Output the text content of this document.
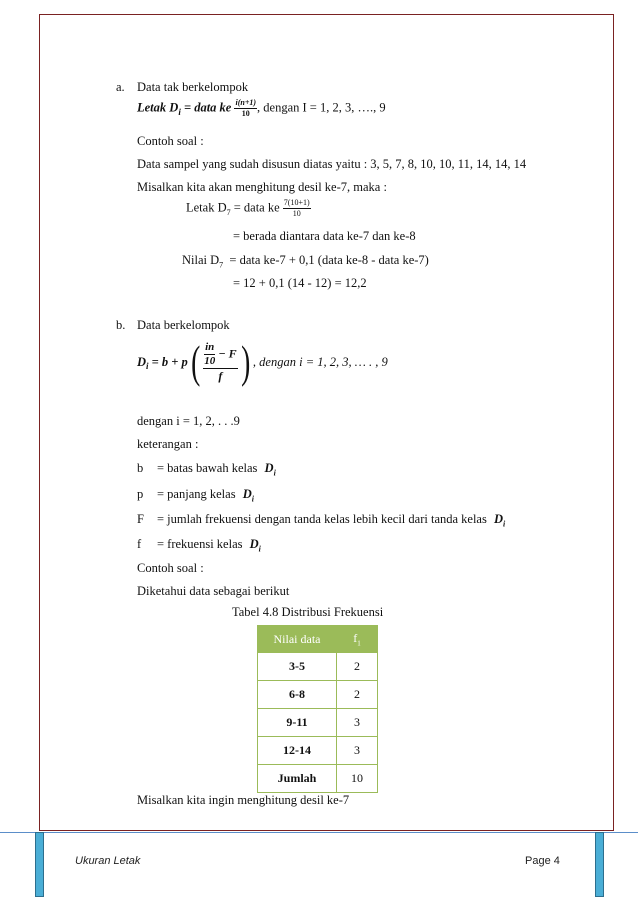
a. Data tak berkelompok
Letak $D_i$ = data ke $\frac{i(n+1)}{10}$ , dengan I = 1, 2, 3, …., 9
Contoh soal :
Data sampel yang sudah disusun diatas yaitu : 3, 5, 7, 8, 10, 10, 11, 14, 14, 14
Misalkan kita akan menghitung desil ke-7, maka :
Letak $D_7$ = data ke $\frac{7(10+1)}{10}$
= berada diantara data ke-7 dan ke-8
Nilai $D_7$  = data ke-7 + 0,1 (data ke-8 - data ke-7)
= 12 + 0,1 (14 - 12) = 12,2
b. Data berkelompok
$D_i = b + p$ ( $\frac{\frac{in}{10} - F}{f}$ ) , dengan i = 1, 2, 3, … . , 9
dengan i = 1, 2, . . .9
keterangan :
b = batas bawah kelas $D_i$
p = panjang kelas $D_i$
F = jumlah frekuensi dengan tanda kelas lebih kecil dari tanda kelas $D_i$
f = frekuensi kelas $D_i$
Contoh soal :
Diketahui data sebagai berikut
Tabel 4.8 Distribusi Frekuensi
Nilai data	$f_1$
3-5	2
6-8	2
9-11	3
12-14	3
Jumlah	10
Misalkan kita ingin menghitung desil ke-7
Ukuran Letak	Page 4
